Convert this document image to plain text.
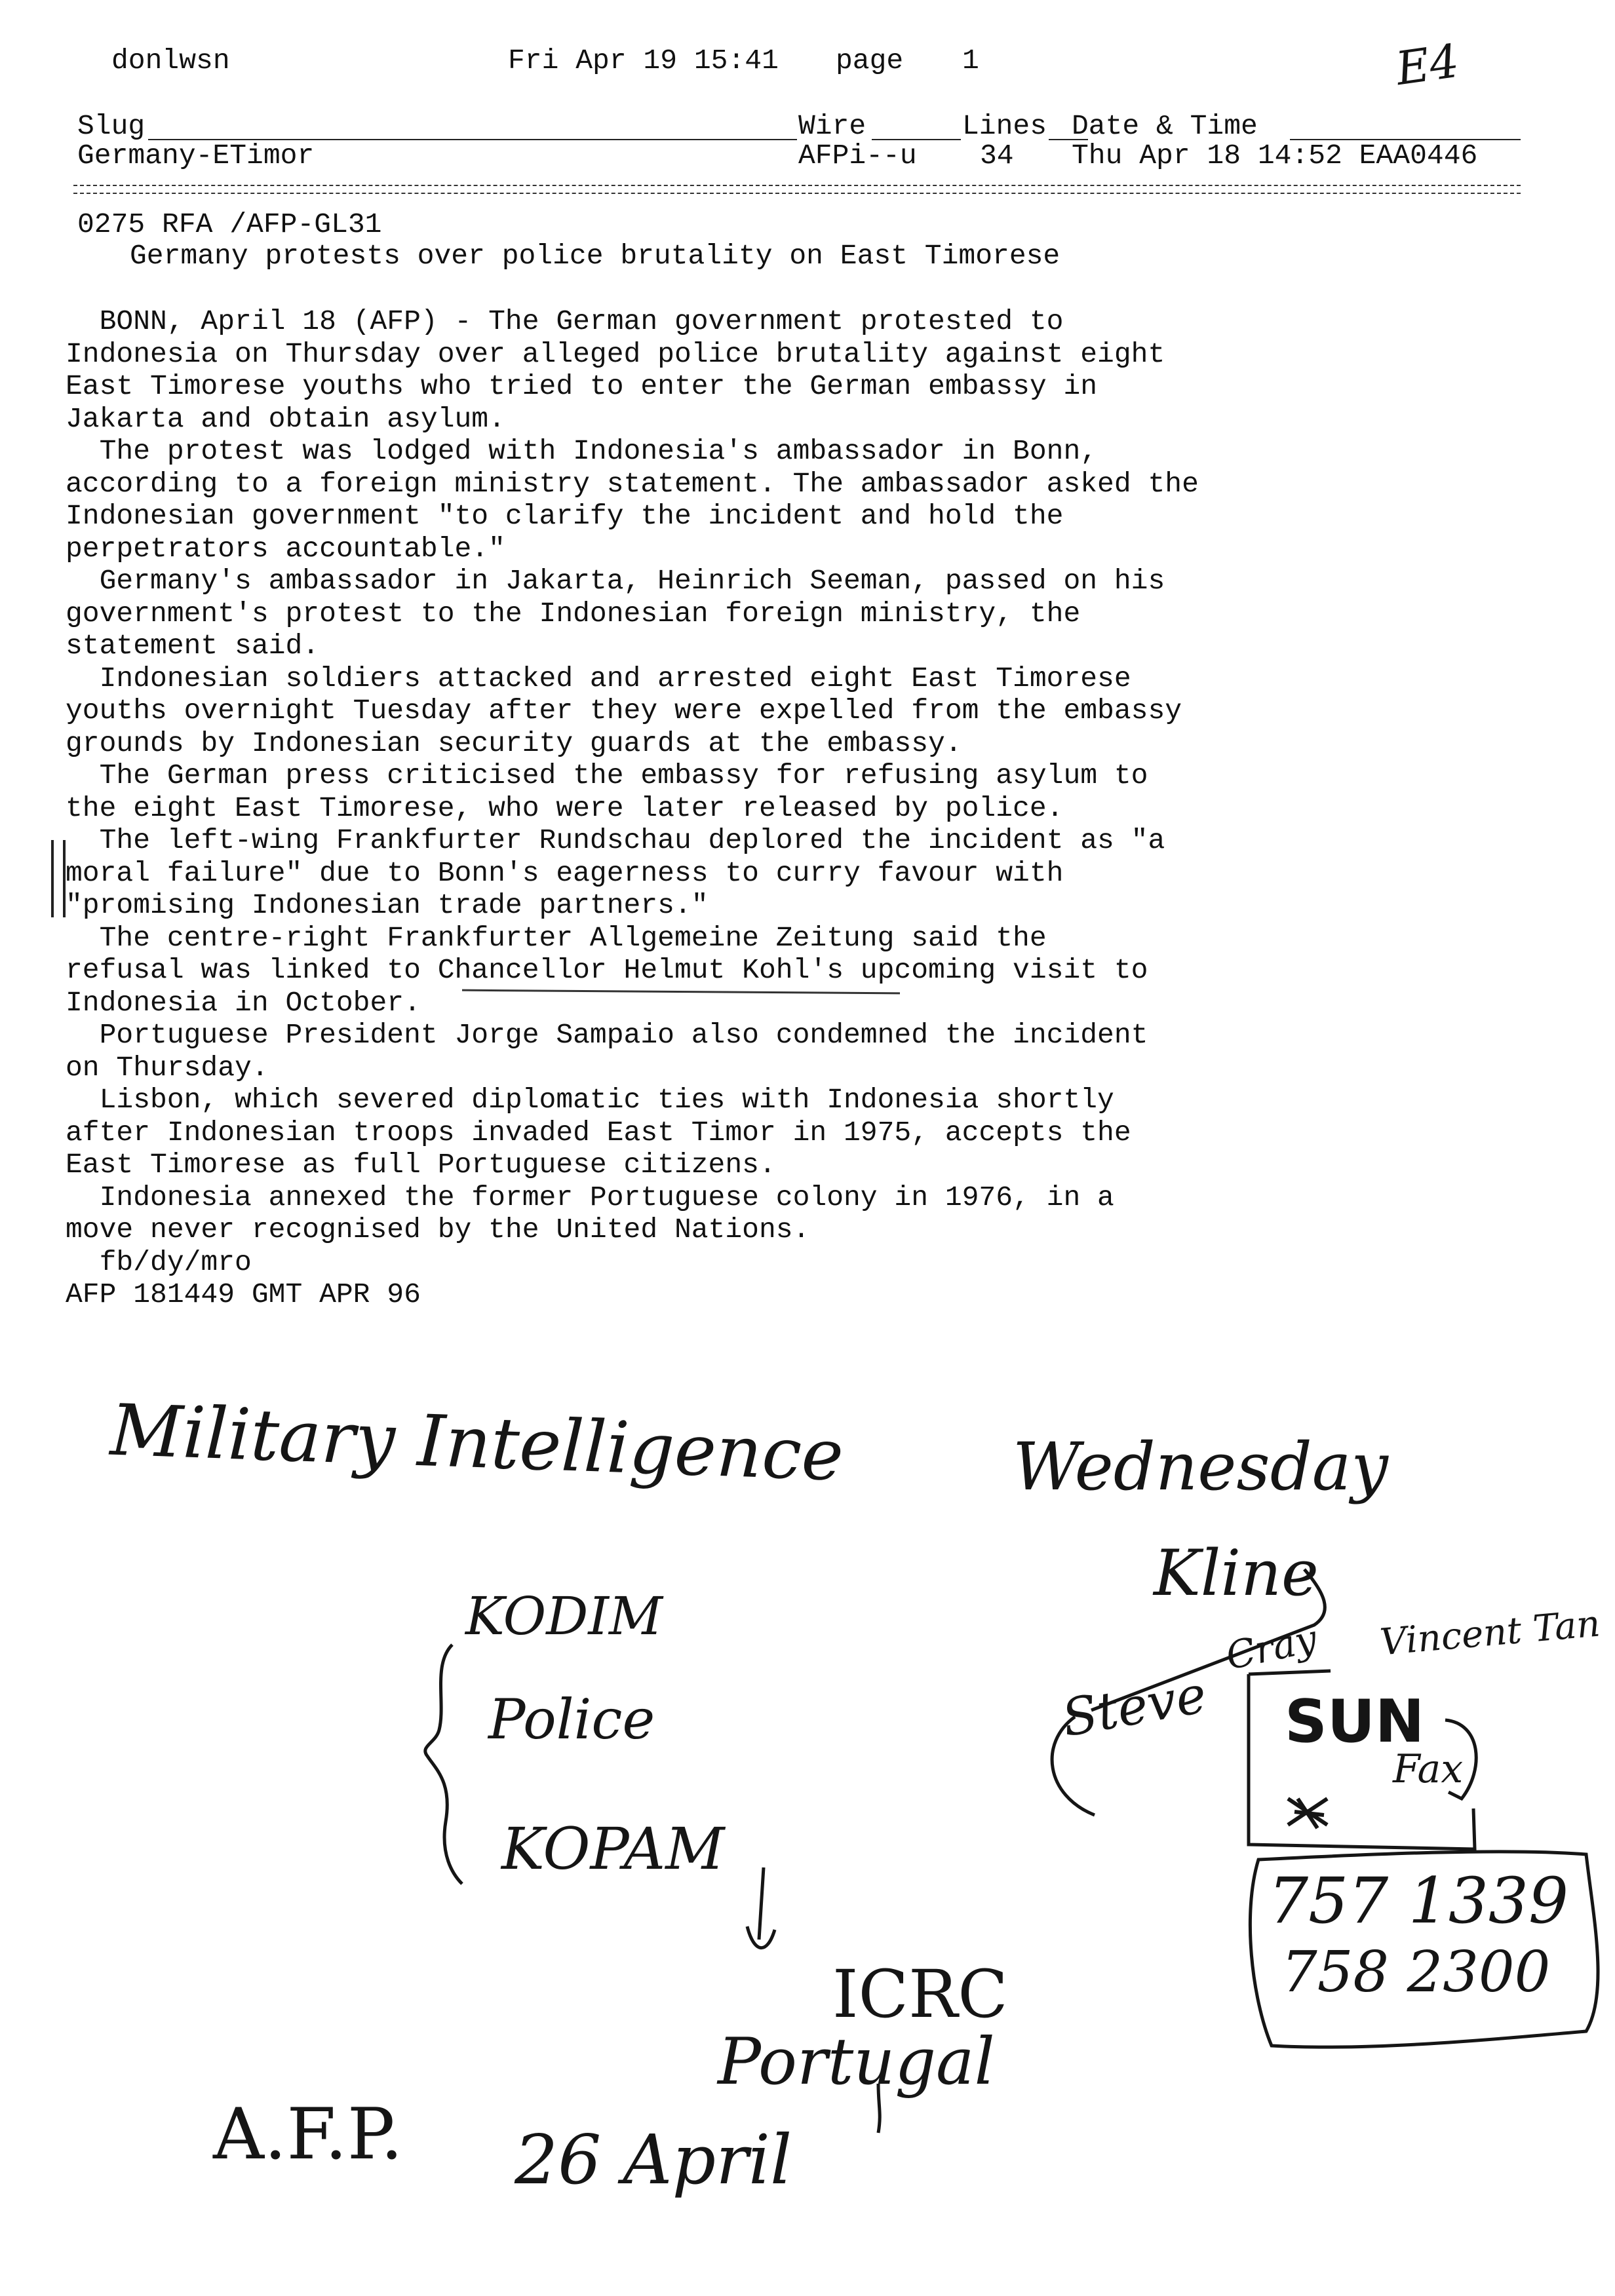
donlwsn	Fri Apr 19 15:41 page 1
Slug	Wire	Lines Date & Time
Germany-ETimor	AFPi--u 34 Thu Apr 18 14:52 EAA0446
0275 RFA /AFP-GL31
Germany protests over police brutality on East Timorese

BONN, April 18 (AFP) - The German government protested to

Indonesia on Thursday over alleged police brutality against eight

East Timorese youths who tried to enter the German embassy in

Jakarta and obtain asylum.

The protest was lodged with Indonesia's ambassador in Bonn,

according to a foreign ministry statement. The ambassador asked the

Indonesian government "to clarify the incident and hold the

perpetrators accountable."

Germany's ambassador in Jakarta, Heinrich Seeman, passed on his

government's protest to the Indonesian foreign ministry, the

statement said.

Indonesian soldiers attacked and arrested eight East Timorese

youths overnight Tuesday after they were expelled from the embassy

grounds by Indonesian security guards at the embassy.

The German press criticised the embassy for refusing asylum to

the eight East Timorese, who were later released by police.

The left-wing Frankfurter Rundschau deplored the incident as "a

moral failure" due to Bonn's eagerness to curry favour with

"promising Indonesian trade partners."

The centre-right Frankfurter Allgemeine Zeitung said the

refusal was linked to Chancellor Helmut Kohl's upcoming visit to

Indonesia in October.

Portuguese President Jorge Sampaio also condemned the incident

on Thursday.

Lisbon, which severed diplomatic ties with Indonesia shortly

after Indonesian troops invaded East Timor in 1975, accepts the

East Timorese as full Portuguese citizens.

Indonesia annexed the former Portuguese colony in 1976, in a

move never recognised by the United Nations.

fb/dy/mro

AFP 181449 GMT APR 96

E4
Military Intelligence	Wednesday
Kline
KODIM
Police
KOPAM
Cray Vincent Tan
Steve SUN
Fax
757 1339
758 2300
ICRC
Portugal
A.F.P. 26 April
